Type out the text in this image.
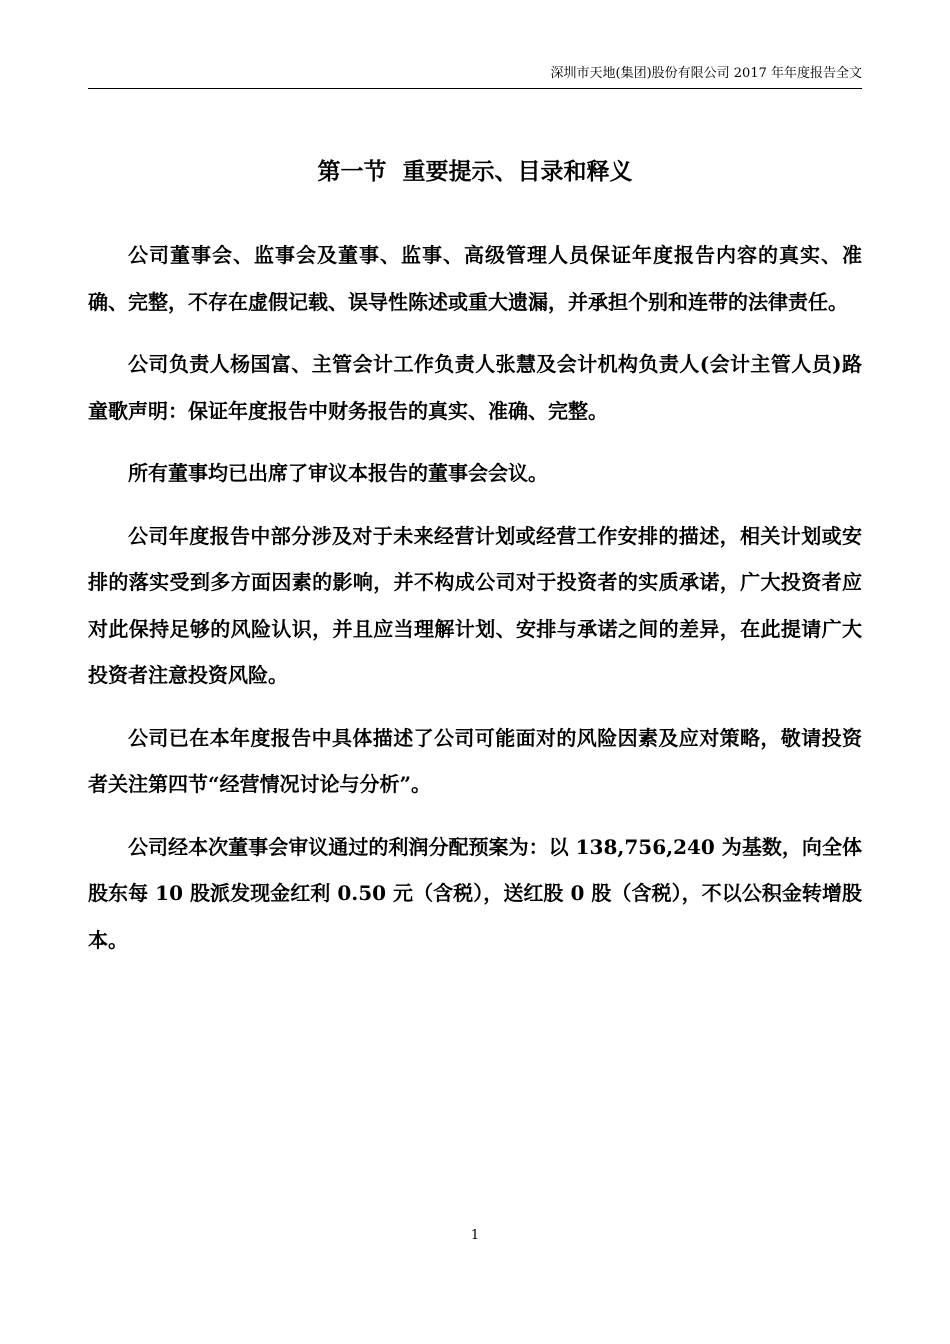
深圳市天地(集团)股份有限公司 2017 年年度报告全文
第一节  重要提示、目录和释义

公司董事会、监事会及董事、监事、高级管理人员保证年度报告内容的真实、准确、完整，不存在虚假记载、误导性陈述或重大遗漏，并承担个别和连带的法律责任。

公司负责人杨国富、主管会计工作负责人张慧及会计机构负责人(会计主管人员)路童歌声明：保证年度报告中财务报告的真实、准确、完整。

所有董事均已出席了审议本报告的董事会会议。

公司年度报告中部分涉及对于未来经营计划或经营工作安排的描述，相关计划或安排的落实受到多方面因素的影响，并不构成公司对于投资者的实质承诺，广大投资者应对此保持足够的风险认识，并且应当理解计划、安排与承诺之间的差异，在此提请广大投资者注意投资风险。

公司已在本年度报告中具体描述了公司可能面对的风险因素及应对策略，敬请投资者关注第四节“经营情况讨论与分析”。

公司经本次董事会审议通过的利润分配预案为：以 138,756,240 为基数，向全体股东每 10 股派发现金红利 0.50 元（含税），送红股 0 股（含税），不以公积金转增股本。

1
